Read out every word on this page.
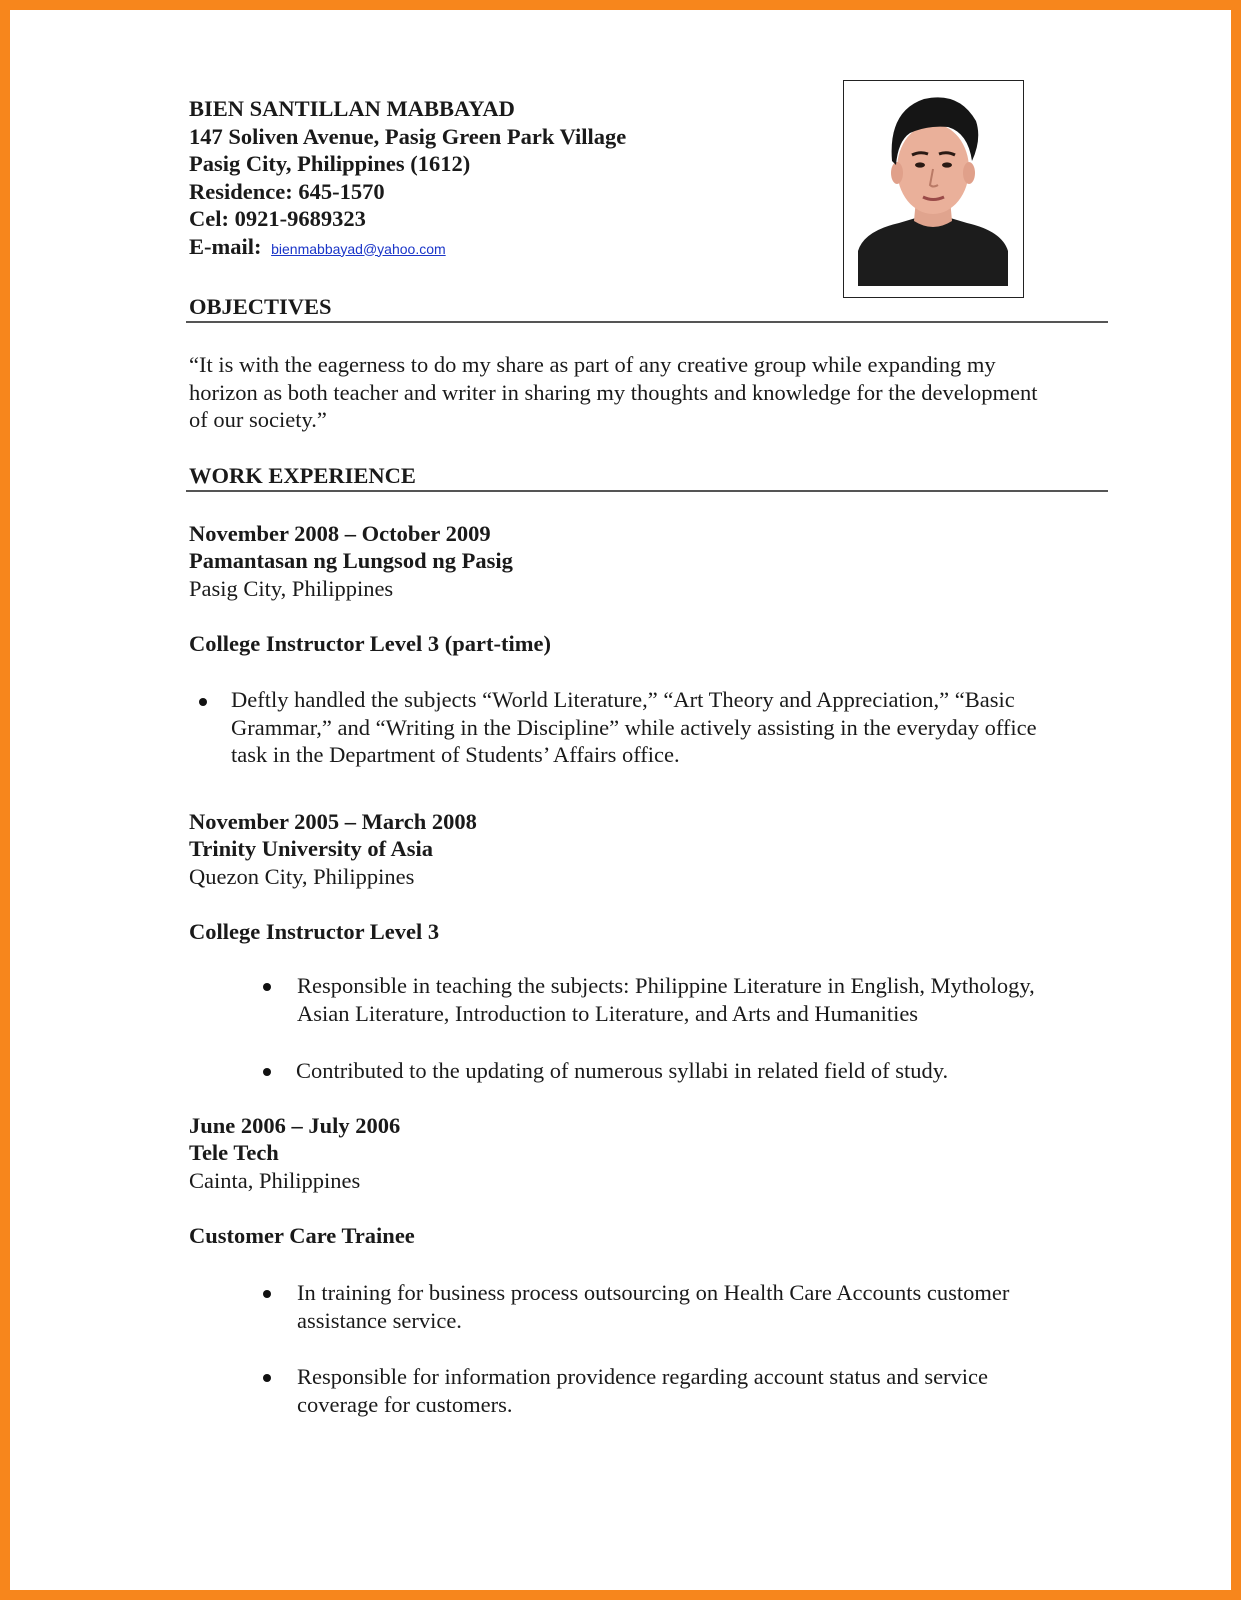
BIEN SANTILLAN MABBAYAD
147 Soliven Avenue, Pasig Green Park Village
Pasig City, Philippines (1612)
Residence: 645-1570
Cel: 0921-9689323
E-mail: bienmabbayad@yahoo.com
OBJECTIVES
“It is with the eagerness to do my share as part of any creative group while expanding my
horizon as both teacher and writer in sharing my thoughts and knowledge for the development
of our society.”
WORK EXPERIENCE
November 2008 – October 2009
Pamantasan ng Lungsod ng Pasig
Pasig City, Philippines
College Instructor Level 3 (part-time)
Deftly handled the subjects “World Literature,” “Art Theory and Appreciation,” “Basic
Grammar,” and “Writing in the Discipline” while actively assisting in the everyday office
task in the Department of Students’ Affairs office.
November 2005 – March 2008
Trinity University of Asia
Quezon City, Philippines
College Instructor Level 3
Responsible in teaching the subjects: Philippine Literature in English, Mythology,
Asian Literature, Introduction to Literature, and Arts and Humanities
Contributed to the updating of numerous syllabi in related field of study.
June 2006 – July 2006
Tele Tech
Cainta, Philippines
Customer Care Trainee
In training for business process outsourcing on Health Care Accounts customer
assistance service.
Responsible for information providence regarding account status and service
coverage for customers.
